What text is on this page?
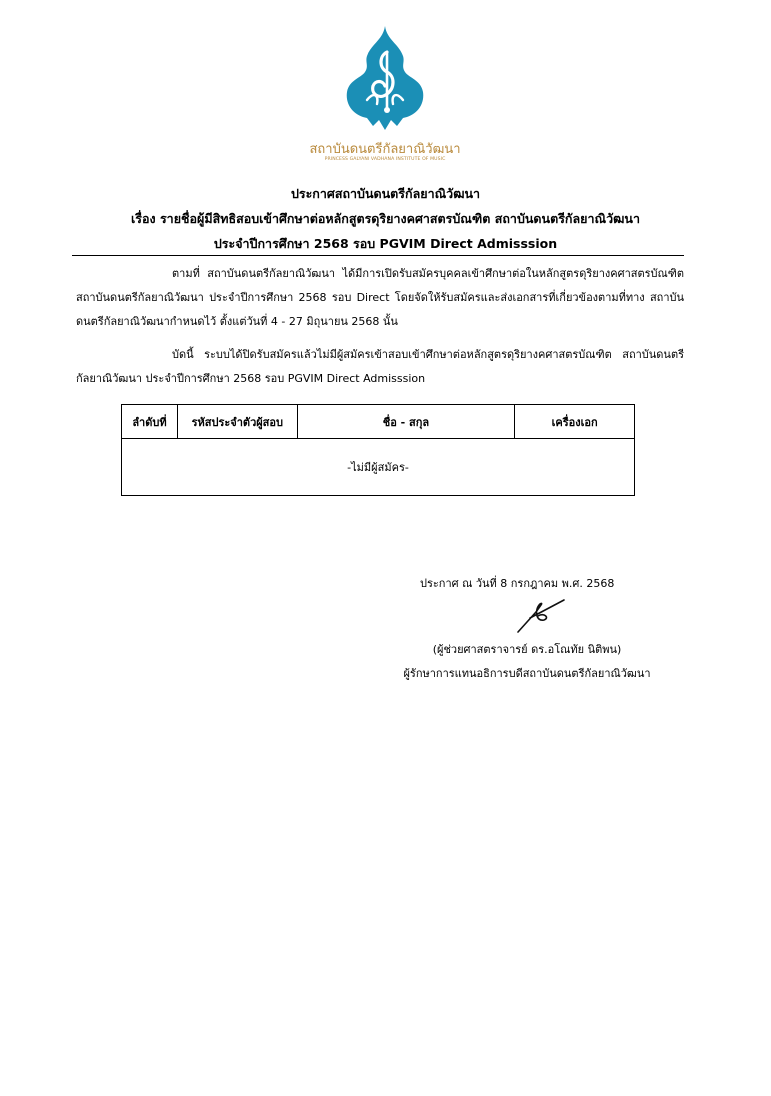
สถาบันดนตรีกัลยาณิวัฒนา
PRINCESS GALYANI VADHANA INSTITUTE OF MUSIC
ประกาศสถาบันดนตรีกัลยาณิวัฒนา
เรื่อง รายชื่อผู้มีสิทธิสอบเข้าศึกษาต่อหลักสูตรดุริยางคศาสตรบัณฑิต สถาบันดนตรีกัลยาณิวัฒนา
ประจำปีการศึกษา 2568 รอบ PGVIM Direct Admisssion
ตามที่ สถาบันดนตรีกัลยาณิวัฒนา ได้มีการเปิดรับสมัครบุคคลเข้าศึกษาต่อในหลักสูตรดุริยางคศาสตรบัณฑิต สถาบันดนตรีกัลยาณิวัฒนา ประจำปีการศึกษา 2568 รอบ Direct โดยจัดให้รับสมัครและส่งเอกสารที่เกี่ยวข้องตามที่ทาง สถาบันดนตรีกัลยาณิวัฒนากำหนดไว้ ตั้งแต่วันที่ 4 - 27 มิถุนายน 2568 นั้น
บัดนี้ ระบบได้ปิดรับสมัครแล้วไม่มีผู้สมัครเข้าสอบเข้าศึกษาต่อหลักสูตรดุริยางคศาสตรบัณฑิต สถาบันดนตรีกัลยาณิวัฒนา ประจำปีการศึกษา 2568 รอบ PGVIM Direct Admisssion
ลำดับที่	รหัสประจำตัวผู้สอบ	ชื่อ - สกุล	เครื่องเอก
-ไม่มีผู้สมัคร-
ประกาศ ณ วันที่ 8 กรกฎาคม พ.ศ. 2568
(ผู้ช่วยศาสตราจารย์ ดร.อโณทัย นิติพน)
ผู้รักษาการแทนอธิการบดีสถาบันดนตรีกัลยาณิวัฒนา
